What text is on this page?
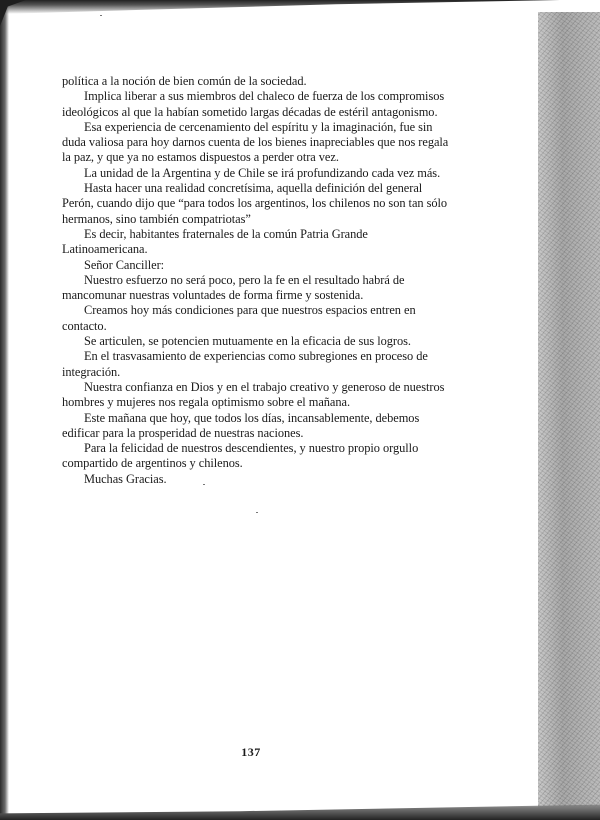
política a la noción de bien común de la sociedad.

Implica liberar a sus miembros del chaleco de fuerza de los compromisos ideológicos al que la habían sometido largas décadas de estéril antagonismo.

Esa experiencia de cercenamiento del espíritu y la imaginación, fue sin duda valiosa para hoy darnos cuenta de los bienes inapreciables que nos regala la paz, y que ya no estamos dispuestos a perder otra vez.

La unidad de la Argentina y de Chile se irá profundizando cada vez más.

Hasta hacer una realidad concretísima, aquella definición del general Perón, cuando dijo que “para todos los argentinos, los chilenos no son tan sólo hermanos, sino también compatriotas”

Es decir, habitantes fraternales de la común Patria Grande Latinoamericana.

Señor Canciller:

Nuestro esfuerzo no será poco, pero la fe en el resultado habrá de mancomunar nuestras voluntades de forma firme y sostenida.

Creamos hoy más condiciones para que nuestros espacios entren en contacto.

Se articulen, se potencien mutuamente en la eficacia de sus logros.

En el trasvasamiento de experiencias como subregiones en proceso de integración.

Nuestra confianza en Dios y en el trabajo creativo y generoso de nuestros hombres y mujeres nos regala optimismo sobre el mañana.

Este mañana que hoy, que todos los días, incansablemente, debemos edificar para la prosperidad de nuestras naciones.

Para la felicidad de nuestros descendientes, y nuestro propio orgullo compartido de argentinos y chilenos.

Muchas Gracias.

137
